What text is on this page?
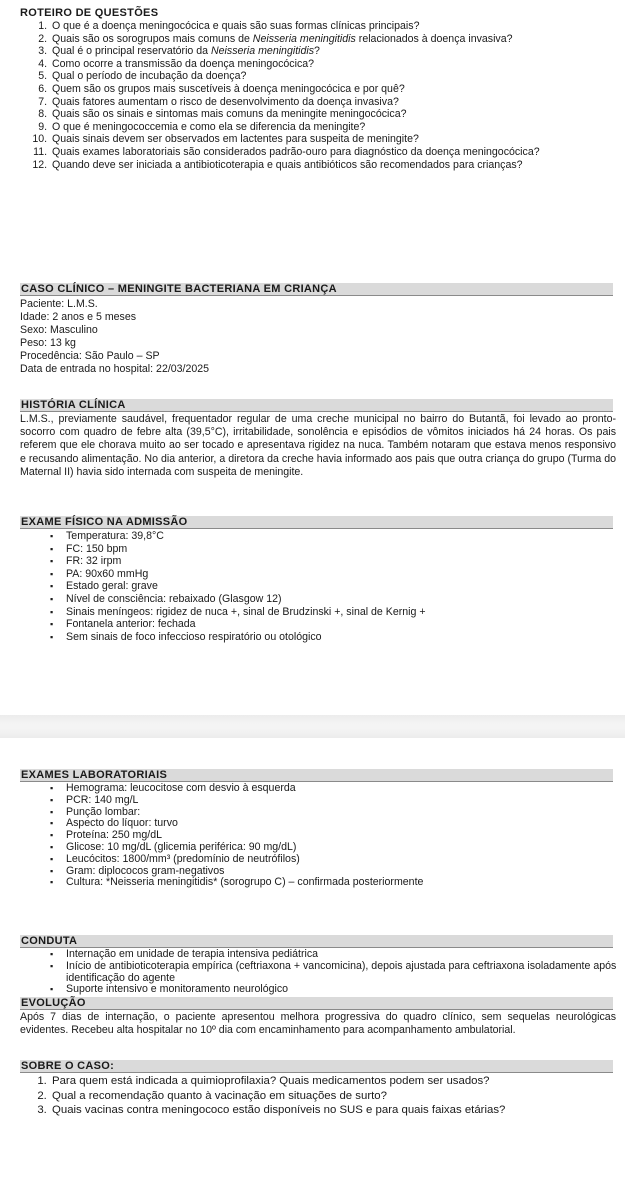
ROTEIRO DE QUESTÕES
1. O que é a doença meningocócica e quais são suas formas clínicas principais?
2. Quais são os sorogrupos mais comuns de Neisseria meningitidis relacionados à doença invasiva?
3. Qual é o principal reservatório da Neisseria meningitidis?
4. Como ocorre a transmissão da doença meningocócica?
5. Qual o período de incubação da doença?
6. Quem são os grupos mais suscetíveis à doença meningocócica e por quê?
7. Quais fatores aumentam o risco de desenvolvimento da doença invasiva?
8. Quais são os sinais e sintomas mais comuns da meningite meningocócica?
9. O que é meningococcemia e como ela se diferencia da meningite?
10. Quais sinais devem ser observados em lactentes para suspeita de meningite?
11. Quais exames laboratoriais são considerados padrão-ouro para diagnóstico da doença meningocócica?
12. Quando deve ser iniciada a antibioticoterapia e quais antibióticos são recomendados para crianças?
CASO CLÍNICO – MENINGITE BACTERIANA EM CRIANÇA
Paciente: L.M.S.
Idade: 2 anos e 5 meses
Sexo: Masculino
Peso: 13 kg
Procedência: São Paulo – SP
Data de entrada no hospital: 22/03/2025
HISTÓRIA CLÍNICA

L.M.S., previamente saudável, frequentador regular de uma creche municipal no bairro do Butantã, foi levado ao pronto-socorro com quadro de febre alta (39,5°C), irritabilidade, sonolência e episódios de vômitos iniciados há 24 horas. Os pais referem que ele chorava muito ao ser tocado e apresentava rigidez na nuca. Também notaram que estava menos responsivo e recusando alimentação. No dia anterior, a diretora da creche havia informado aos pais que outra criança do grupo (Turma do Maternal II) havia sido internada com suspeita de meningite.

EXAME FÍSICO NA ADMISSÃO
▪ Temperatura: 39,8°C
▪ FC: 150 bpm
▪ FR: 32 irpm
▪ PA: 90x60 mmHg
▪ Estado geral: grave
▪ Nível de consciência: rebaixado (Glasgow 12)
▪ Sinais meníngeos: rigidez de nuca +, sinal de Brudzinski +, sinal de Kernig +
▪ Fontanela anterior: fechada
▪ Sem sinais de foco infeccioso respiratório ou otológico
EXAMES LABORATORIAIS
▪ Hemograma: leucocitose com desvio à esquerda
▪ PCR: 140 mg/L
▪ Punção lombar:
▪ Aspecto do líquor: turvo
▪ Proteína: 250 mg/dL
▪ Glicose: 10 mg/dL (glicemia periférica: 90 mg/dL)
▪ Leucócitos: 1800/mm³ (predomínio de neutrófilos)
▪ Gram: diplococos gram-negativos
▪ Cultura: *Neisseria meningitidis* (sorogrupo C) – confirmada posteriormente
CONDUTA
▪ Internação em unidade de terapia intensiva pediátrica
▪ Início de antibioticoterapia empírica (ceftriaxona + vancomicina), depois ajustada para ceftriaxona isoladamente após identificação do agente
▪ Suporte intensivo e monitoramento neurológico
EVOLUÇÃO

Após 7 dias de internação, o paciente apresentou melhora progressiva do quadro clínico, sem sequelas neurológicas evidentes. Recebeu alta hospitalar no 10º dia com encaminhamento para acompanhamento ambulatorial.

SOBRE O CASO:
1. Para quem está indicada a quimioprofilaxia? Quais medicamentos podem ser usados?
2. Qual a recomendação quanto à vacinação em situações de surto?
3. Quais vacinas contra meningococo estão disponíveis no SUS e para quais faixas etárias?
